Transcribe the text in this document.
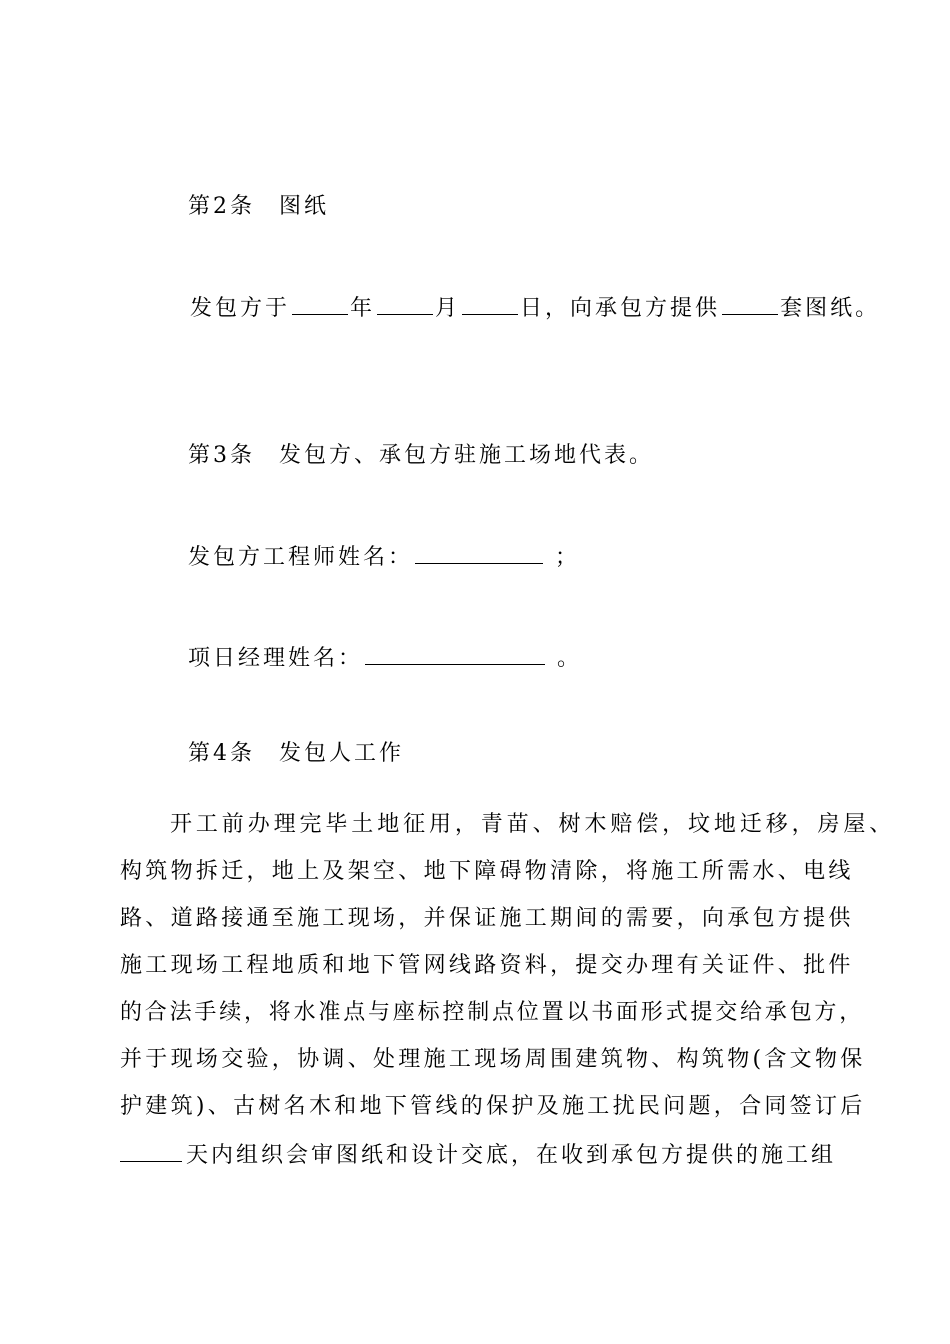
第2条 图纸

发包方于	年	月	日，向承包方提供	套图纸。

第3条 发包方、承包方驻施工场地代表。

发包方工程师姓名：	；

项日经理姓名：	。

第4条 发包人工作

开工前办理完毕土地征用，青苗、树木赔偿，坟地迁移，房屋、
构筑物拆迁，地上及架空、地下障碍物清除，将施工所需水、电线
路、道路接通至施工现场，并保证施工期间的需要，向承包方提供
施工现场工程地质和地下管网线路资料，提交办理有关证件、批件
的合法手续，将水准点与座标控制点位置以书面形式提交给承包方，
并于现场交验，协调、处理施工现场周围建筑物、构筑物(含文物保
护建筑)、古树名木和地下管线的保护及施工扰民问题，合同签订后
天内组织会审图纸和设计交底，在收到承包方提供的施工组
